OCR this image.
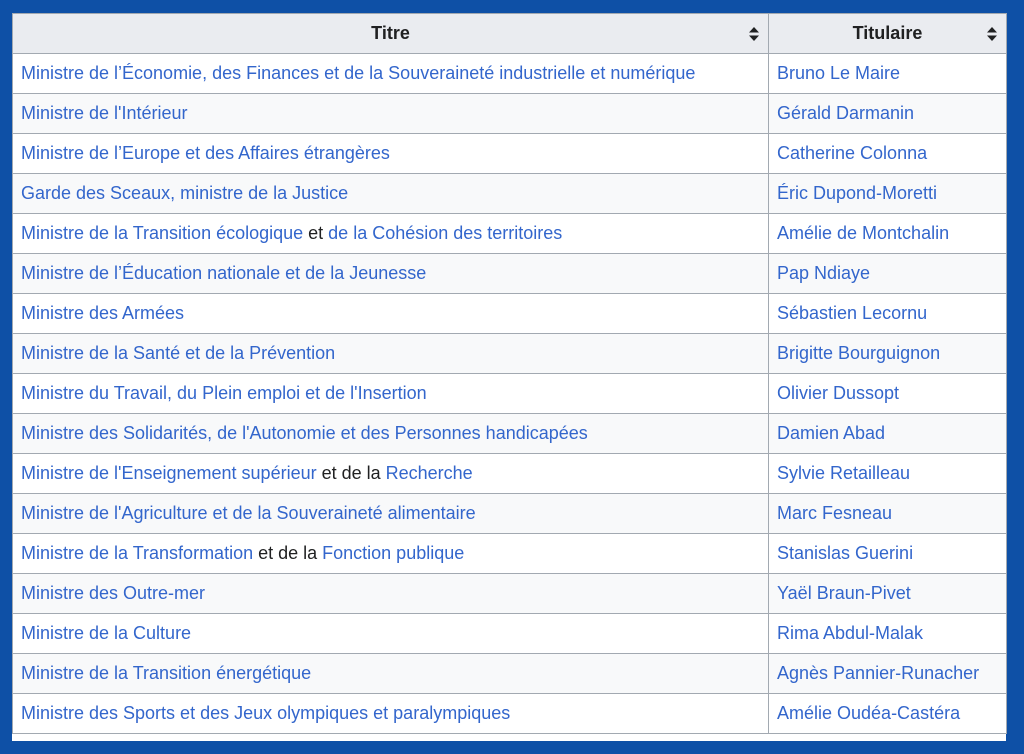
Titre	Titulaire

Ministre de l’Économie, des Finances et de la Souveraineté industrielle et numérique	Bruno Le Maire
Ministre de l'Intérieur	Gérald Darmanin
Ministre de l’Europe et des Affaires étrangères	Catherine Colonna
Garde des Sceaux, ministre de la Justice	Éric Dupond-Moretti
Ministre de la Transition écologique et de la Cohésion des territoires	Amélie de Montchalin
Ministre de l’Éducation nationale et de la Jeunesse	Pap Ndiaye
Ministre des Armées	Sébastien Lecornu
Ministre de la Santé et de la Prévention	Brigitte Bourguignon
Ministre du Travail, du Plein emploi et de l'Insertion	Olivier Dussopt
Ministre des Solidarités, de l'Autonomie et des Personnes handicapées	Damien Abad
Ministre de l'Enseignement supérieur et de la Recherche	Sylvie Retailleau
Ministre de l'Agriculture et de la Souveraineté alimentaire	Marc Fesneau
Ministre de la Transformation et de la Fonction publique	Stanislas Guerini
Ministre des Outre-mer	Yaël Braun-Pivet
Ministre de la Culture	Rima Abdul-Malak
Ministre de la Transition énergétique	Agnès Pannier-Runacher
Ministre des Sports et des Jeux olympiques et paralympiques	Amélie Oudéa-Castéra
